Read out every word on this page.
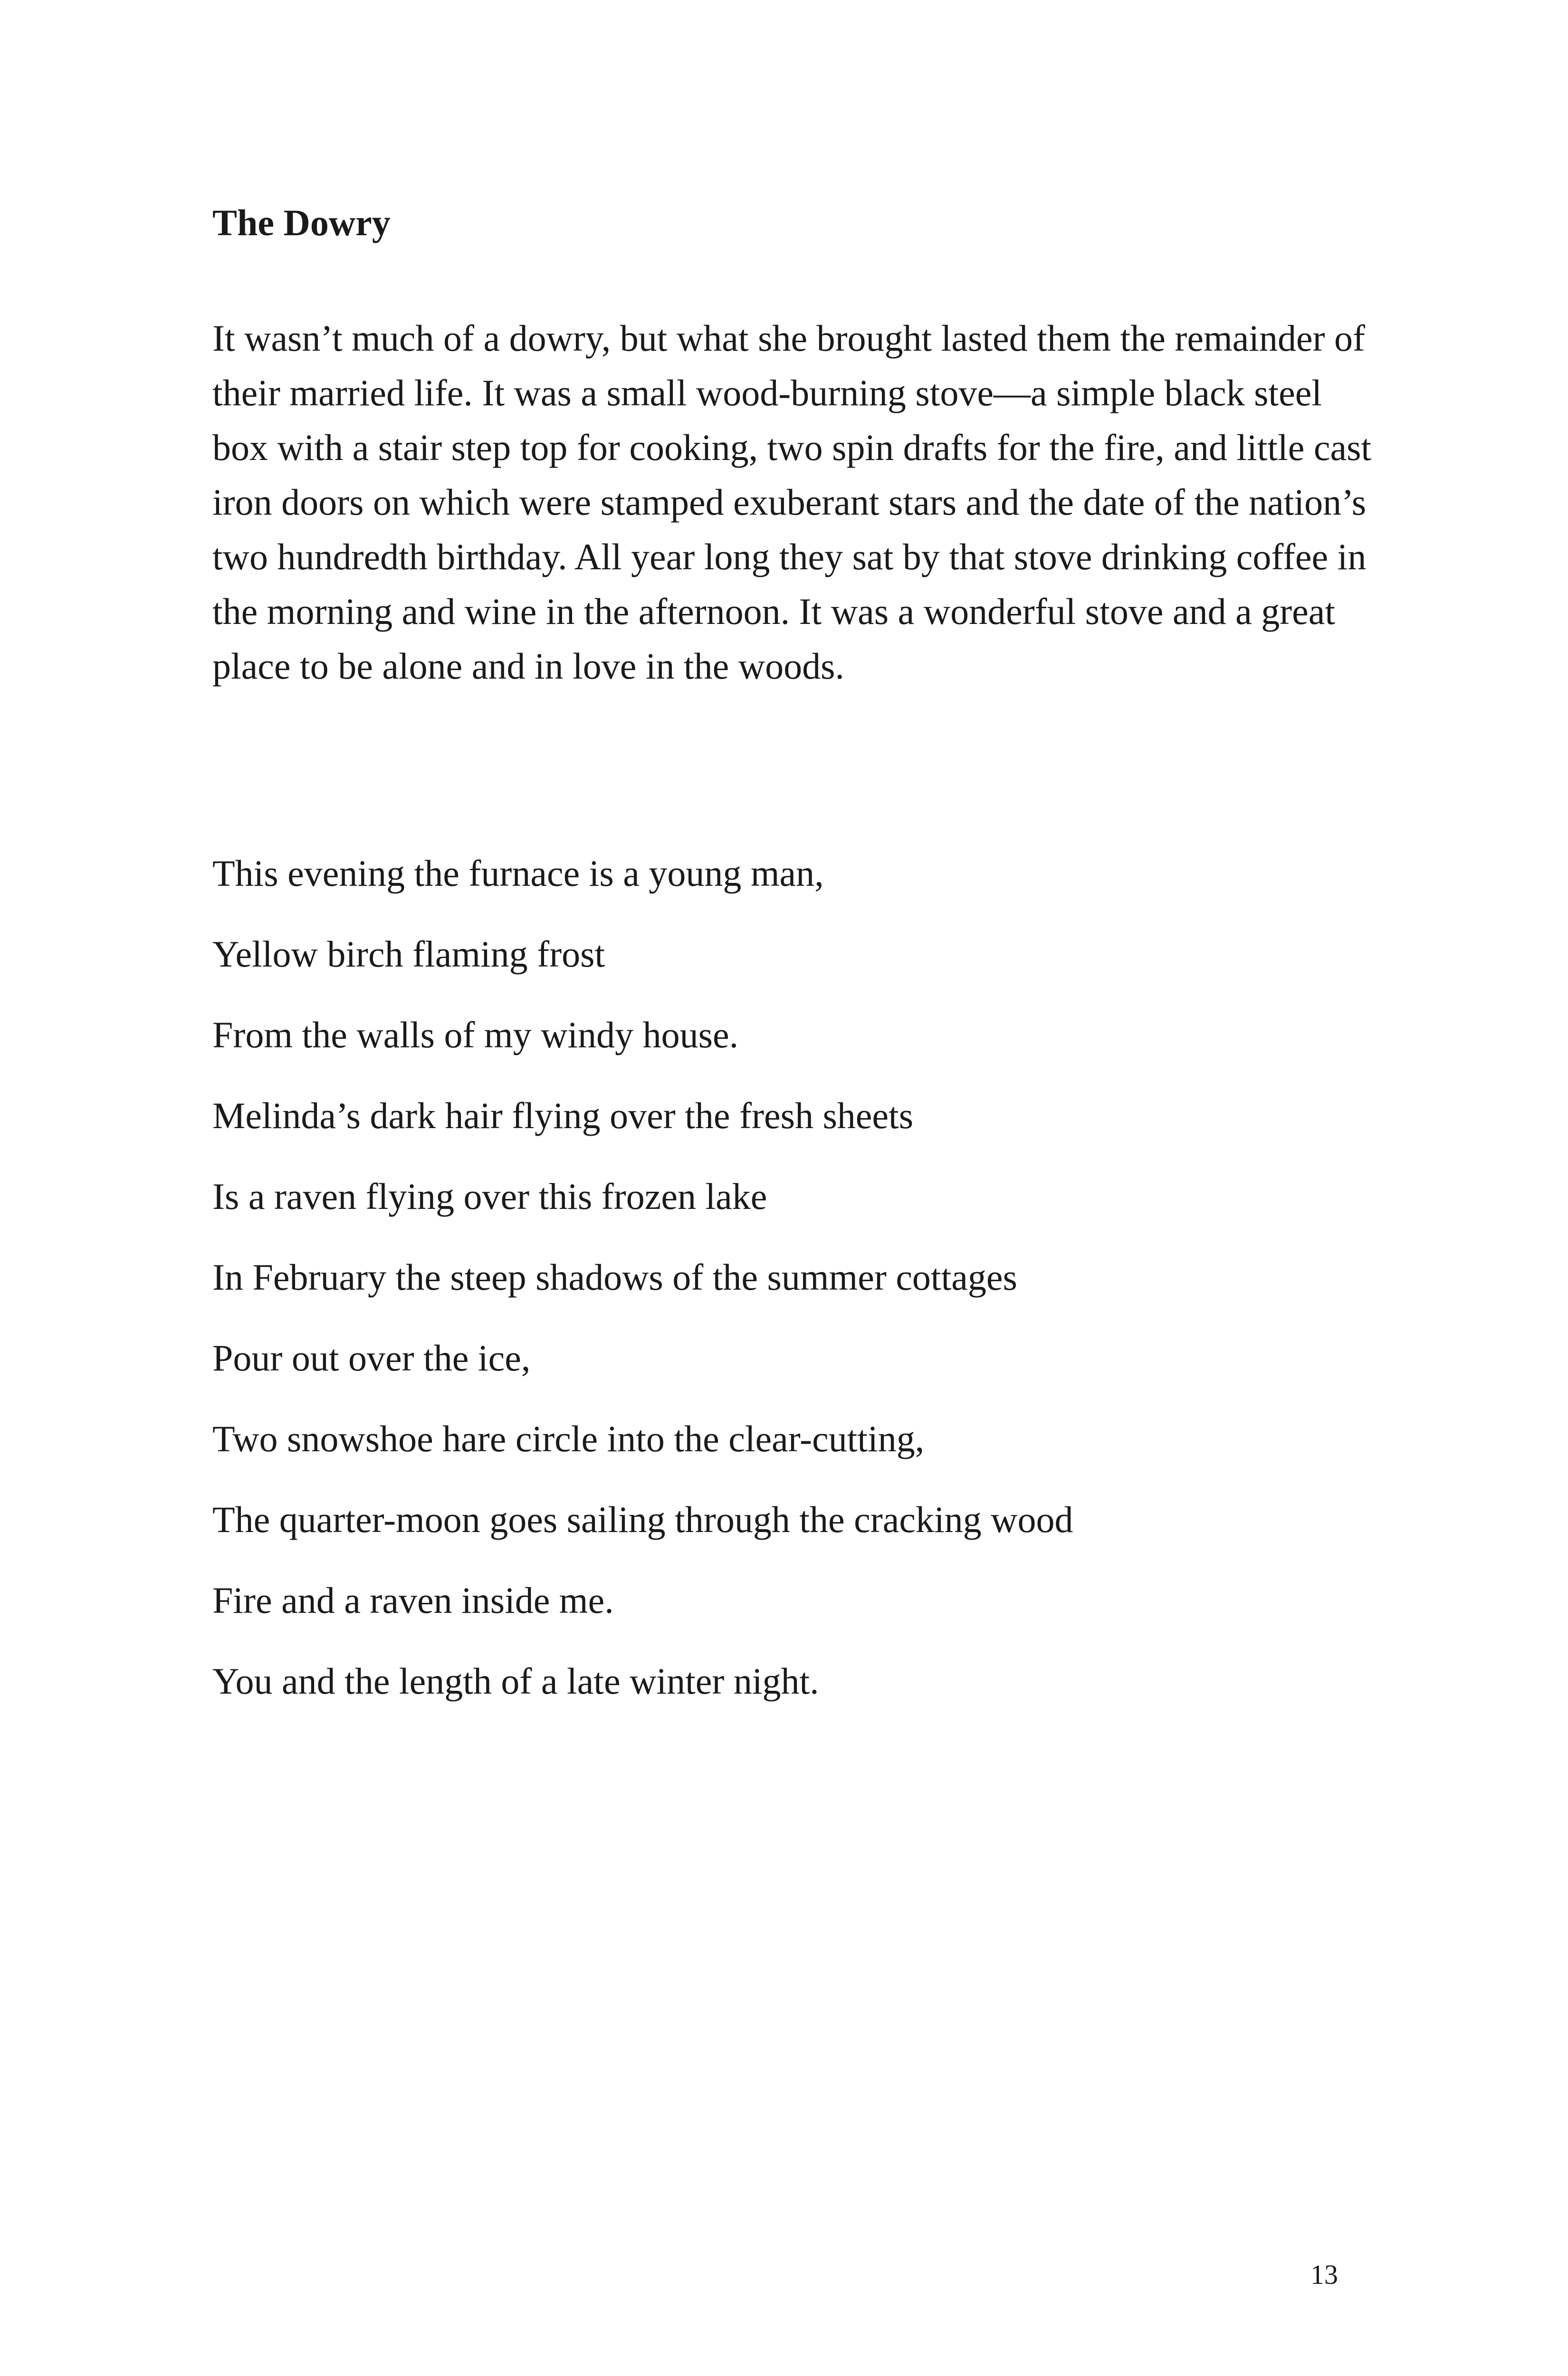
The Dowry

It wasn’t much of a dowry, but what she brought lasted them the remainder of their married life. It was a small wood-burning stove—a simple black steel box with a stair step top for cooking, two spin drafts for the fire, and little cast iron doors on which were stamped exuberant stars and the date of the nation’s two hundredth birthday. All year long they sat by that stove drinking coffee in the morning and wine in the afternoon. It was a wonderful stove and a great place to be alone and in love in the woods.

This evening the furnace is a young man,
Yellow birch flaming frost
From the walls of my windy house.
Melinda’s dark hair flying over the fresh sheets
Is a raven flying over this frozen lake
In February the steep shadows of the summer cottages
Pour out over the ice,
Two snowshoe hare circle into the clear-cutting,
The quarter-moon goes sailing through the cracking wood
Fire and a raven inside me.
You and the length of a late winter night.
13
